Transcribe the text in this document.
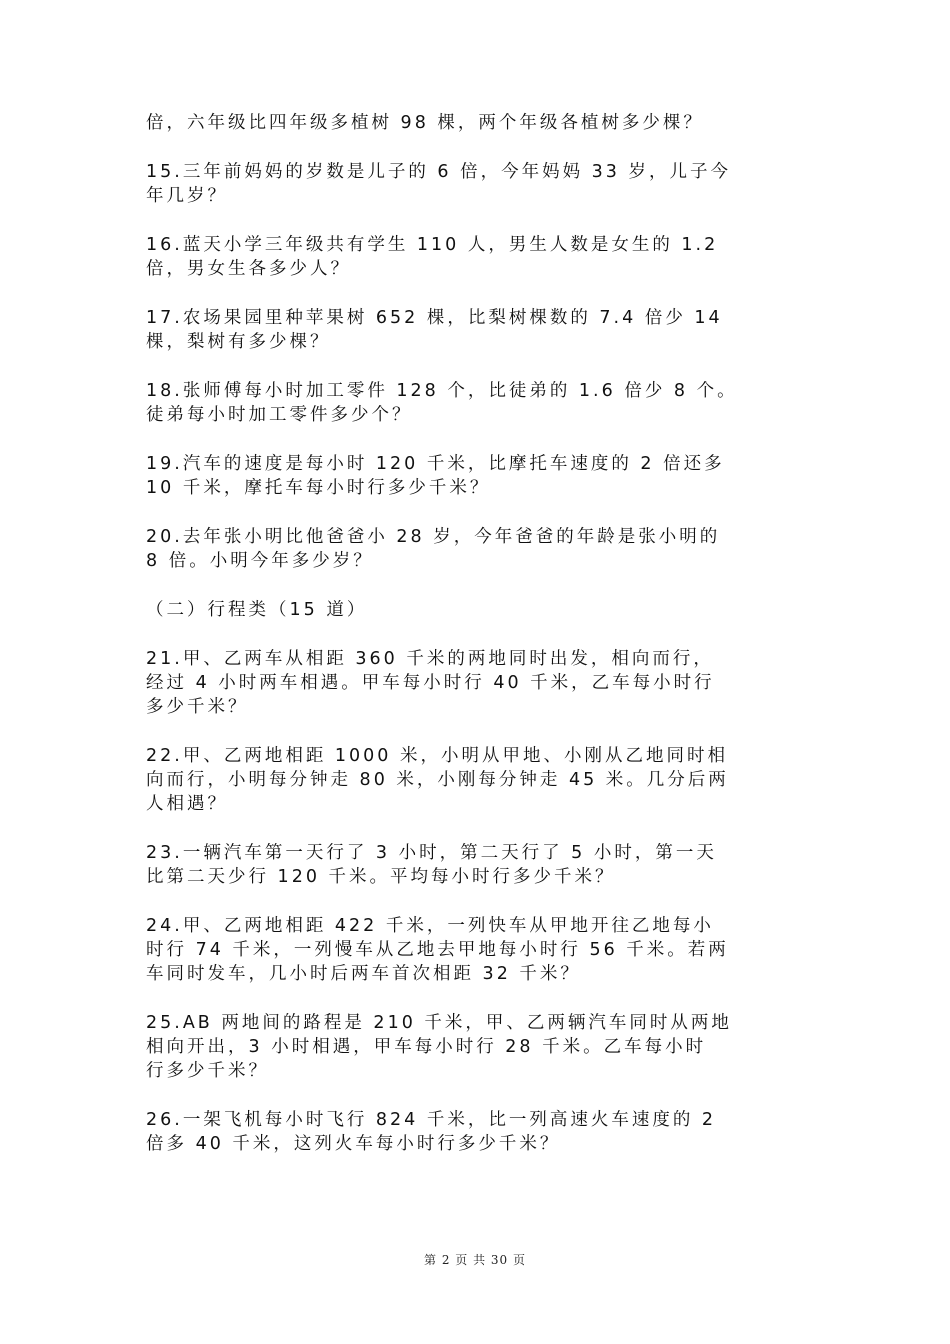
倍，六年级比四年级多植树 98 棵，两个年级各植树多少棵？

15.三年前妈妈的岁数是儿子的 6 倍，今年妈妈 33 岁，儿子今
年几岁？

16.蓝天小学三年级共有学生 110 人，男生人数是女生的 1.2
倍，男女生各多少人？

17.农场果园里种苹果树 652 棵，比梨树棵数的 7.4 倍少 14
棵，梨树有多少棵？

18.张师傅每小时加工零件 128 个，比徒弟的 1.6 倍少 8 个。
徒弟每小时加工零件多少个？

19.汽车的速度是每小时 120 千米，比摩托车速度的 2 倍还多
10 千米，摩托车每小时行多少千米？

20.去年张小明比他爸爸小 28 岁，今年爸爸的年龄是张小明的
8 倍。小明今年多少岁？

（二）行程类（15 道）

21.甲、乙两车从相距 360 千米的两地同时出发，相向而行，
经过 4 小时两车相遇。甲车每小时行 40 千米，乙车每小时行
多少千米？

22.甲、乙两地相距 1000 米，小明从甲地、小刚从乙地同时相
向而行，小明每分钟走 80 米，小刚每分钟走 45 米。几分后两
人相遇？

23.一辆汽车第一天行了 3 小时，第二天行了 5 小时，第一天
比第二天少行 120 千米。平均每小时行多少千米？

24.甲、乙两地相距 422 千米，一列快车从甲地开往乙地每小
时行 74 千米，一列慢车从乙地去甲地每小时行 56 千米。若两
车同时发车，几小时后两车首次相距 32 千米？

25.AB 两地间的路程是 210 千米，甲、乙两辆汽车同时从两地
相向开出，3 小时相遇，甲车每小时行 28 千米。乙车每小时
行多少千米？

26.一架飞机每小时飞行 824 千米，比一列高速火车速度的 2
倍多 40 千米，这列火车每小时行多少千米？

第 2 页 共 30 页
